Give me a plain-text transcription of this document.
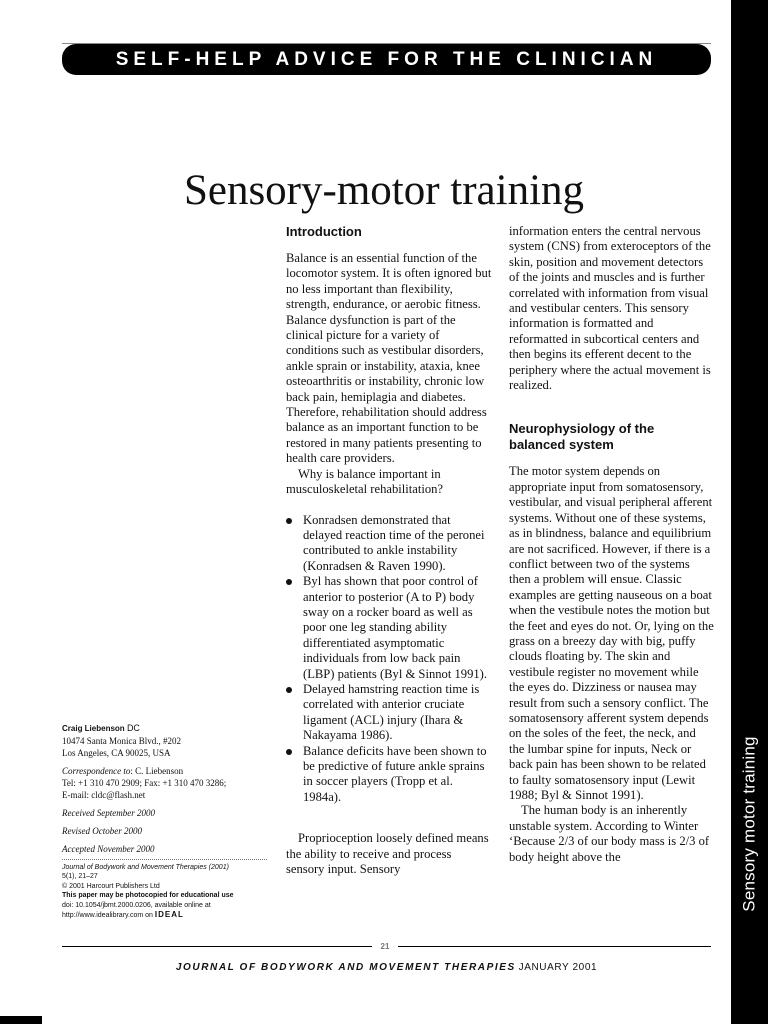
Sensory motor training
SELF-HELP ADVICE FOR THE CLINICIAN
Sensory-motor training
Introduction

Balance is an essential function of the locomotor system. It is often ignored but no less important than flexibility, strength, endurance, or aerobic fitness. Balance dysfunction is part of the clinical picture for a variety of conditions such as vestibular disorders, ankle sprain or instability, ataxia, knee osteoarthritis or instability, chronic low back pain, hemiplagia and diabetes. Therefore, rehabilitation should address balance as an important function to be restored in many patients presenting to health care providers.

Why is balance important in musculoskeletal rehabilitation?

Konradsen demonstrated that delayed reaction time of the peronei contributed to ankle instability (Konradsen & Raven 1990).
Byl has shown that poor control of anterior to posterior (A to P) body sway on a rocker board as well as poor one leg standing ability differentiated asymptomatic individuals from low back pain (LBP) patients (Byl & Sinnot 1991).
Delayed hamstring reaction time is correlated with anterior cruciate ligament (ACL) injury (Ihara & Nakayama 1986).
Balance deficits have been shown to be predictive of future ankle sprains in soccer players (Tropp et al. 1984a).

Proprioception loosely defined means the ability to receive and process sensory input. Sensory

information enters the central nervous system (CNS) from exteroceptors of the skin, position and movement detectors of the joints and muscles and is further correlated with information from visual and vestibular centers. This sensory information is formatted and reformatted in subcortical centers and then begins its efferent decent to the periphery where the actual movement is realized.

Neurophysiology of the balanced system

The motor system depends on appropriate input from somatosensory, vestibular, and visual peripheral afferent systems. Without one of these systems, as in blindness, balance and equilibrium are not sacrificed. However, if there is a conflict between two of the systems then a problem will ensue. Classic examples are getting nauseous on a boat when the vestibule notes the motion but the feet and eyes do not. Or, lying on the grass on a breezy day with big, puffy clouds floating by. The skin and vestibule register no movement while the eyes do. Dizziness or nausea may result from such a sensory conflict. The somatosensory afferent system depends on the soles of the feet, the neck, and the lumbar spine for inputs, Neck or back pain has been shown to be related to faulty somatosensory input (Lewit 1988; Byl & Sinnot 1991).

The human body is an inherently unstable system. According to Winter ‘Because 2/3 of our body mass is 2/3 of body height above the

Craig Liebenson DC

10474 Santa Monica Blvd., #202

Los Angeles, CA 90025, USA

Correspondence to: C. Liebenson

Tel: +1 310 470 2909; Fax: +1 310 470 3286;

E-mail: cldc@flash.net

Received September 2000

Revised October 2000

Accepted November 2000

Journal of Bodywork and Movement Therapies (2001)

5(1), 21–27

© 2001 Harcourt Publishers Ltd

This paper may be photocopied for educational use

doi: 10.1054/jbmt.2000.0206, available online at

http://www.idealibrary.com on IDEAL

21
JOURNAL OF BODYWORK AND MOVEMENT THERAPIES JANUARY 2001
